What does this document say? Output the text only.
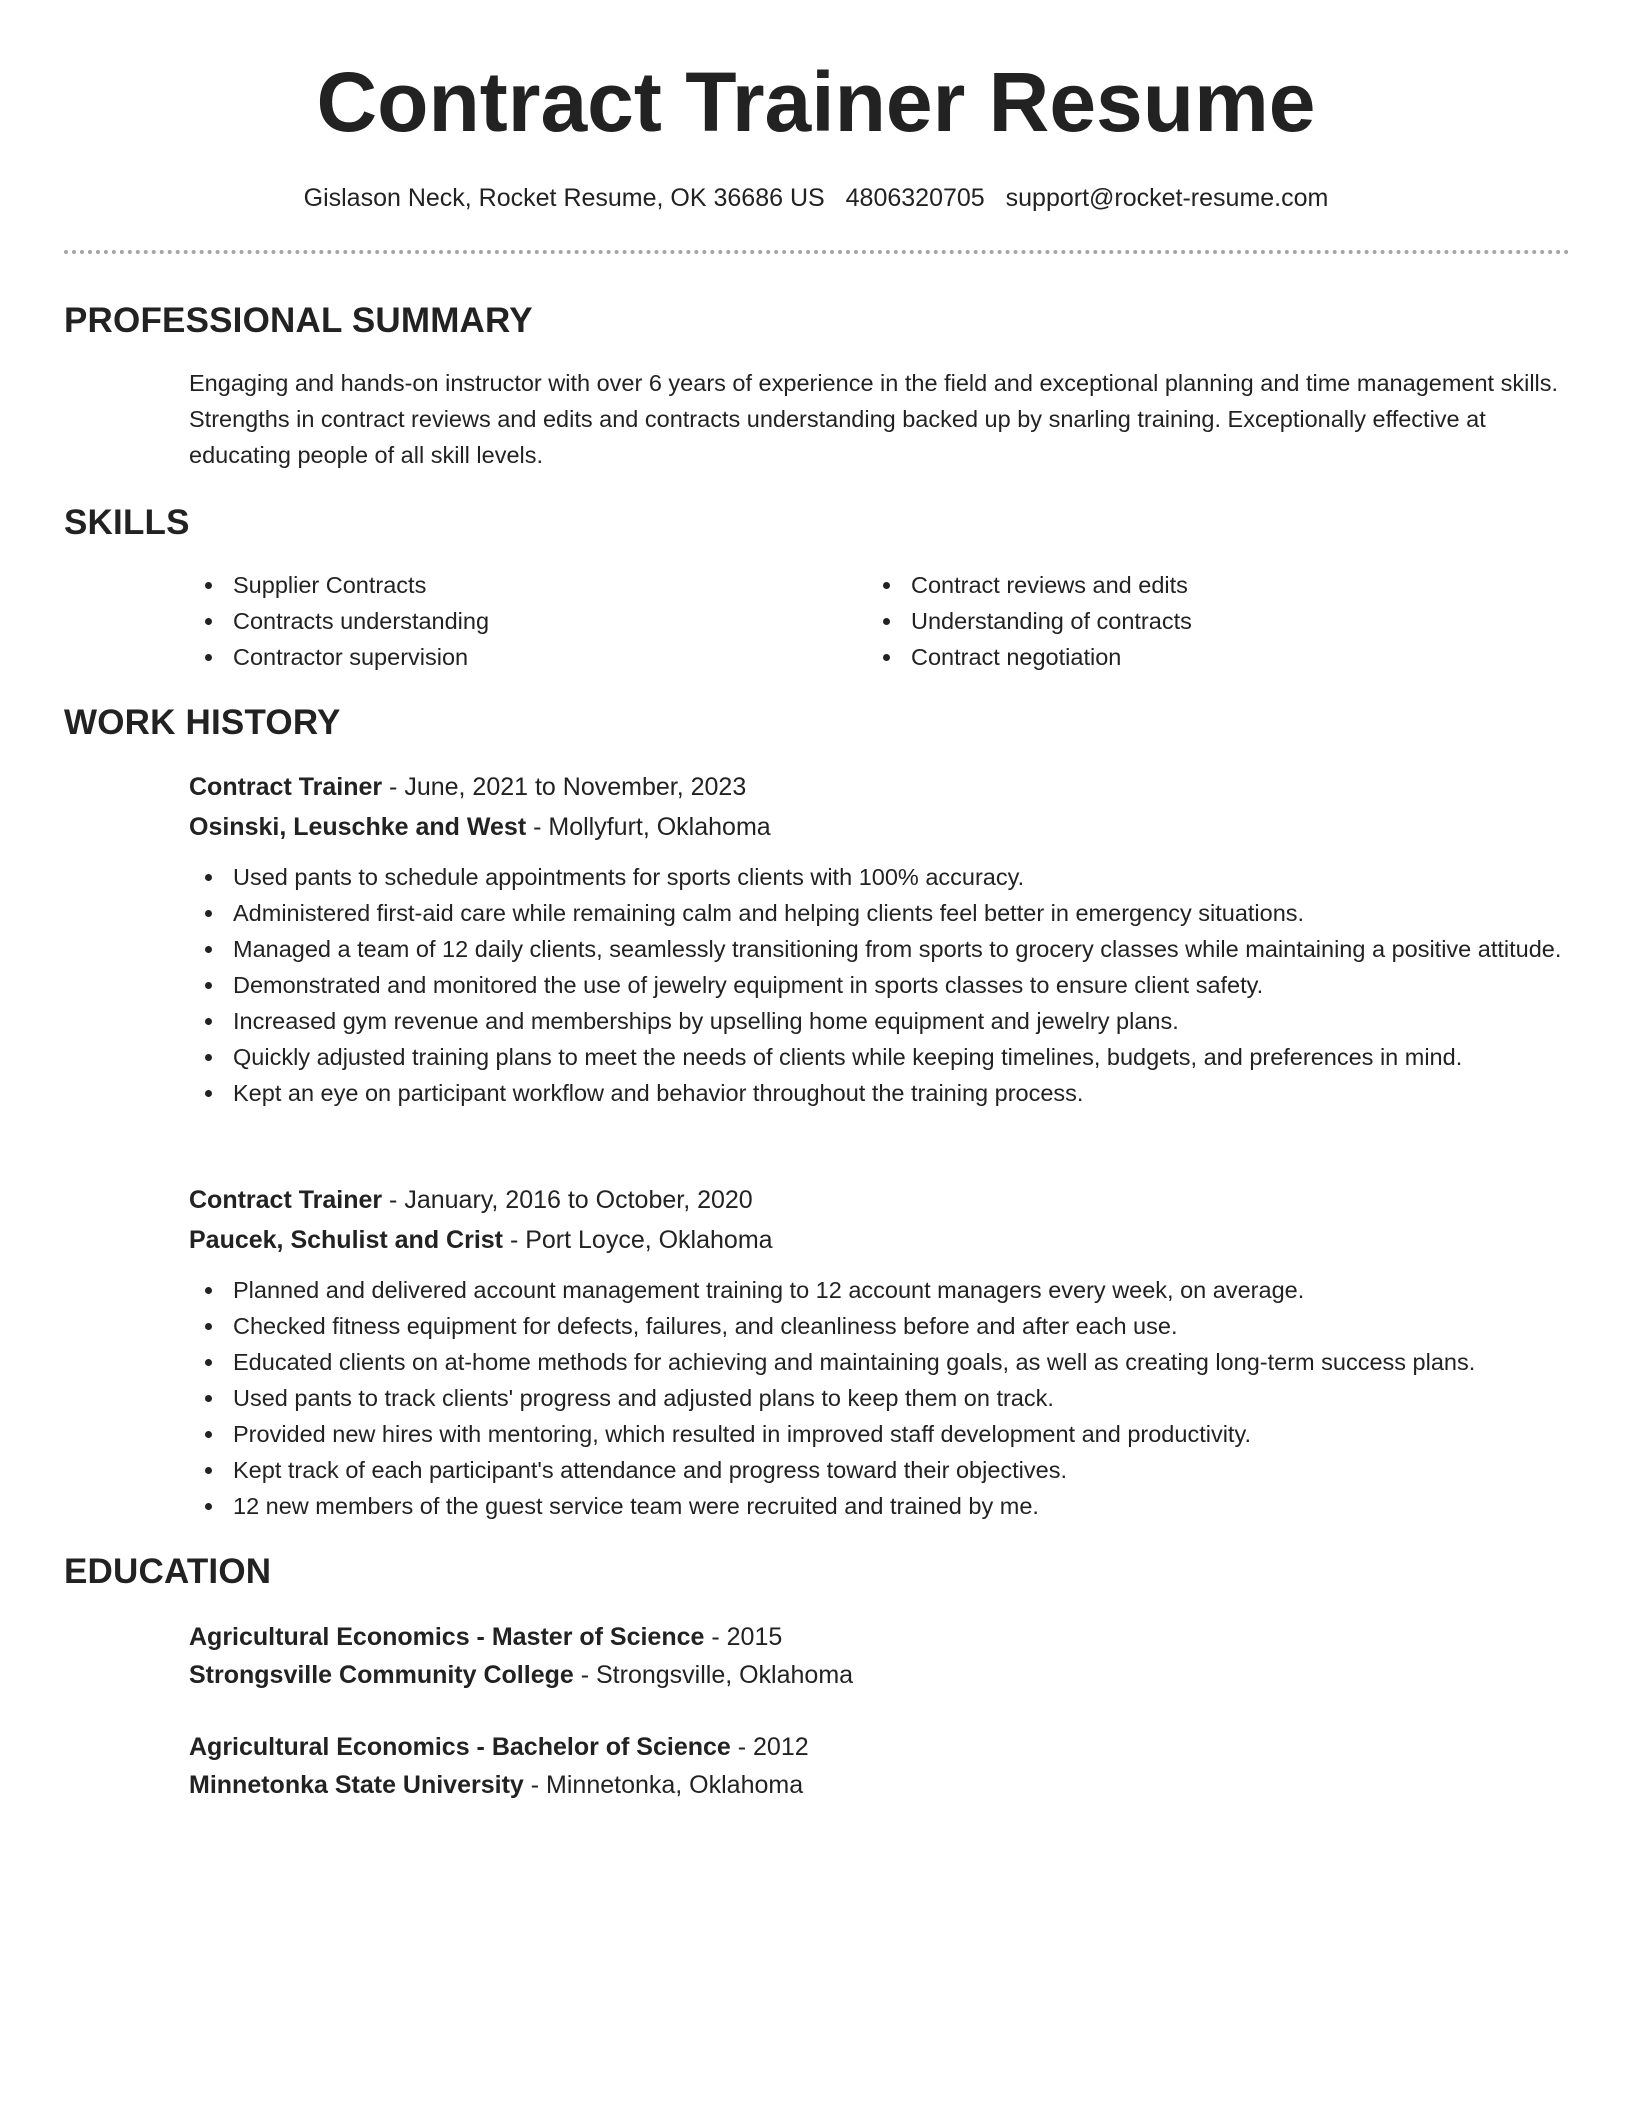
Contract Trainer Resume
Gislason Neck, Rocket Resume, OK 36686 US 4806320705 support@rocket-resume.com
PROFESSIONAL SUMMARY

Engaging and hands-on instructor with over 6 years of experience in the field and exceptional planning and time management skills. Strengths in contract reviews and edits and contracts understanding backed up by snarling training. Exceptionally effective at educating people of all skill levels.

SKILLS
Supplier Contracts
Contracts understanding
Contractor supervision
Contract reviews and edits
Understanding of contracts
Contract negotiation
WORK HISTORY

Contract Trainer - June, 2021 to November, 2023

Osinski, Leuschke and West - Mollyfurt, Oklahoma

Used pants to schedule appointments for sports clients with 100% accuracy.
Administered first-aid care while remaining calm and helping clients feel better in emergency situations.
Managed a team of 12 daily clients, seamlessly transitioning from sports to grocery classes while maintaining a positive attitude.
Demonstrated and monitored the use of jewelry equipment in sports classes to ensure client safety.
Increased gym revenue and memberships by upselling home equipment and jewelry plans.
Quickly adjusted training plans to meet the needs of clients while keeping timelines, budgets, and preferences in mind.
Kept an eye on participant workflow and behavior throughout the training process.

Contract Trainer - January, 2016 to October, 2020

Paucek, Schulist and Crist - Port Loyce, Oklahoma

Planned and delivered account management training to 12 account managers every week, on average.
Checked fitness equipment for defects, failures, and cleanliness before and after each use.
Educated clients on at-home methods for achieving and maintaining goals, as well as creating long-term success plans.
Used pants to track clients' progress and adjusted plans to keep them on track.
Provided new hires with mentoring, which resulted in improved staff development and productivity.
Kept track of each participant's attendance and progress toward their objectives.
12 new members of the guest service team were recruited and trained by me.
EDUCATION

Agricultural Economics - Master of Science - 2015

Strongsville Community College - Strongsville, Oklahoma

Agricultural Economics - Bachelor of Science - 2012

Minnetonka State University - Minnetonka, Oklahoma
